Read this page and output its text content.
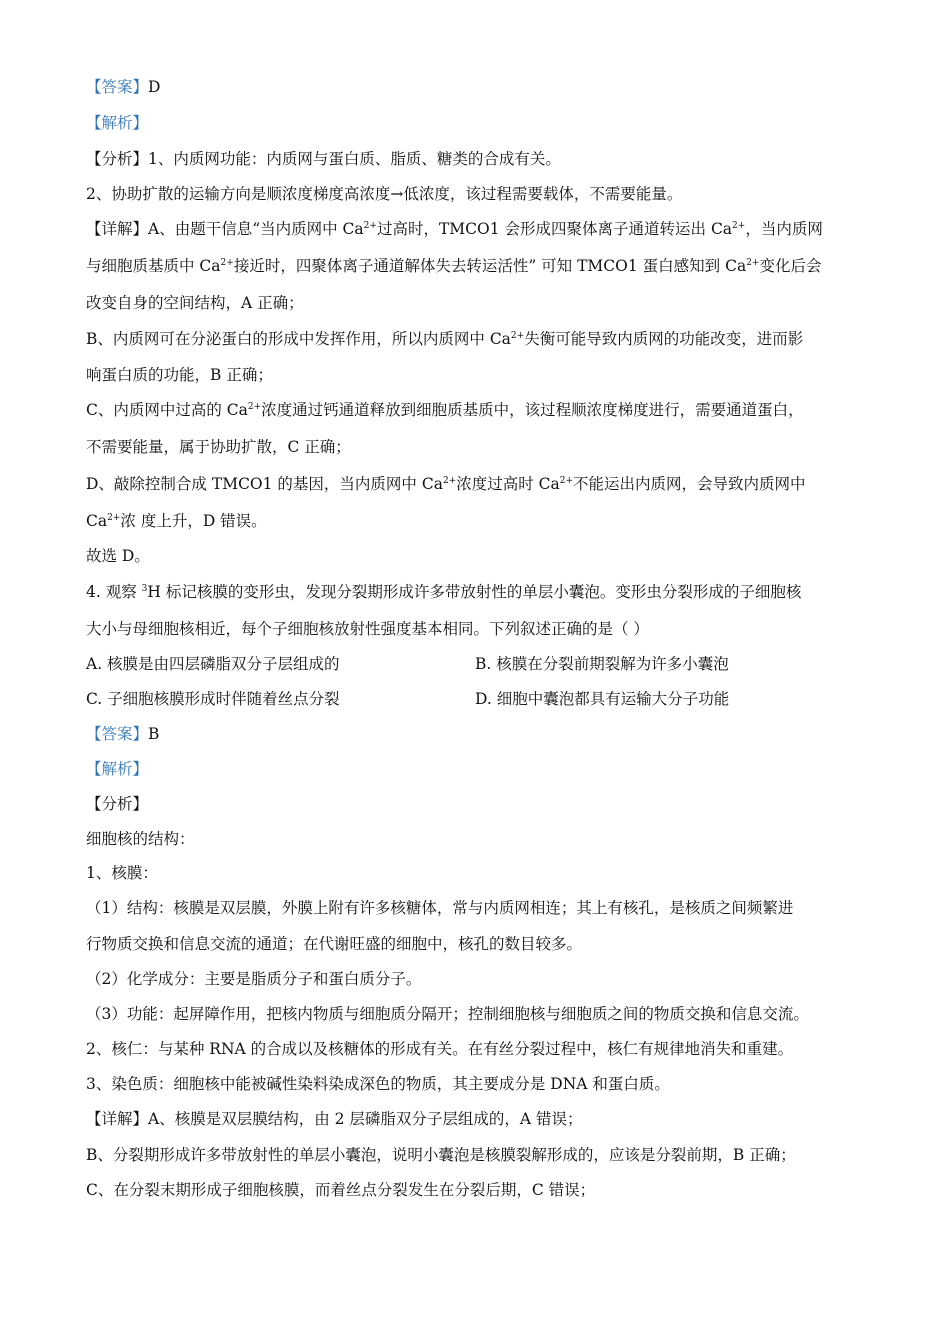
【答案】D
【解析】
【分析】1、内质网功能：内质网与蛋白质、脂质、糖类的合成有关。
2、协助扩散的运输方向是顺浓度梯度高浓度→低浓度，该过程需要载体，不需要能量。
【详解】A、由题干信息“当内质网中 $Ca^{2+}$过高时，TMCO1 会形成四聚体离子通道转运出 $Ca^{2+}$，当内质网
与细胞质基质中 $Ca^{2+}$接近时，四聚体离子通道解体失去转运活性” 可知 TMCO1 蛋白感知到 $Ca^{2+}$变化后会
改变自身的空间结构，A 正确；
B、内质网可在分泌蛋白的形成中发挥作用，所以内质网中 $Ca^{2+}$失衡可能导致内质网的功能改变，进而影
响蛋白质的功能，B 正确；
C、内质网中过高的 $Ca^{2+}$浓度通过钙通道释放到细胞质基质中，该过程顺浓度梯度进行，需要通道蛋白，
不需要能量，属于协助扩散，C 正确；
D、敲除控制合成 TMCO1 的基因，当内质网中 $Ca^{2+}$浓度过高时 $Ca^{2+}$不能运出内质网，会导致内质网中
$Ca^{2+}$浓 度上升，D 错误。
故选 D。
4. 观察 $^3$H 标记核膜的变形虫，发现分裂期形成许多带放射性的单层小囊泡。变形虫分裂形成的子细胞核
大小与母细胞核相近，每个子细胞核放射性强度基本相同。下列叙述正确的是（ ）
A. 核膜是由四层磷脂双分子层组成的	B. 核膜在分裂前期裂解为许多小囊泡
C. 子细胞核膜形成时伴随着丝点分裂	D. 细胞中囊泡都具有运输大分子功能
【答案】B
【解析】
【分析】
细胞核的结构：
1、核膜：
（1）结构：核膜是双层膜，外膜上附有许多核糖体，常与内质网相连；其上有核孔，是核质之间频繁进
行物质交换和信息交流的通道；在代谢旺盛的细胞中，核孔的数目较多。
（2）化学成分：主要是脂质分子和蛋白质分子。
（3）功能：起屏障作用，把核内物质与细胞质分隔开；控制细胞核与细胞质之间的物质交换和信息交流。
2、核仁：与某种 RNA 的合成以及核糖体的形成有关。在有丝分裂过程中，核仁有规律地消失和重建。
3、染色质：细胞核中能被碱性染料染成深色的物质，其主要成分是 DNA 和蛋白质。
【详解】A、核膜是双层膜结构，由 2 层磷脂双分子层组成的，A 错误；
B、分裂期形成许多带放射性的单层小囊泡，说明小囊泡是核膜裂解形成的，应该是分裂前期，B 正确；
C、在分裂末期形成子细胞核膜，而着丝点分裂发生在分裂后期，C 错误；
